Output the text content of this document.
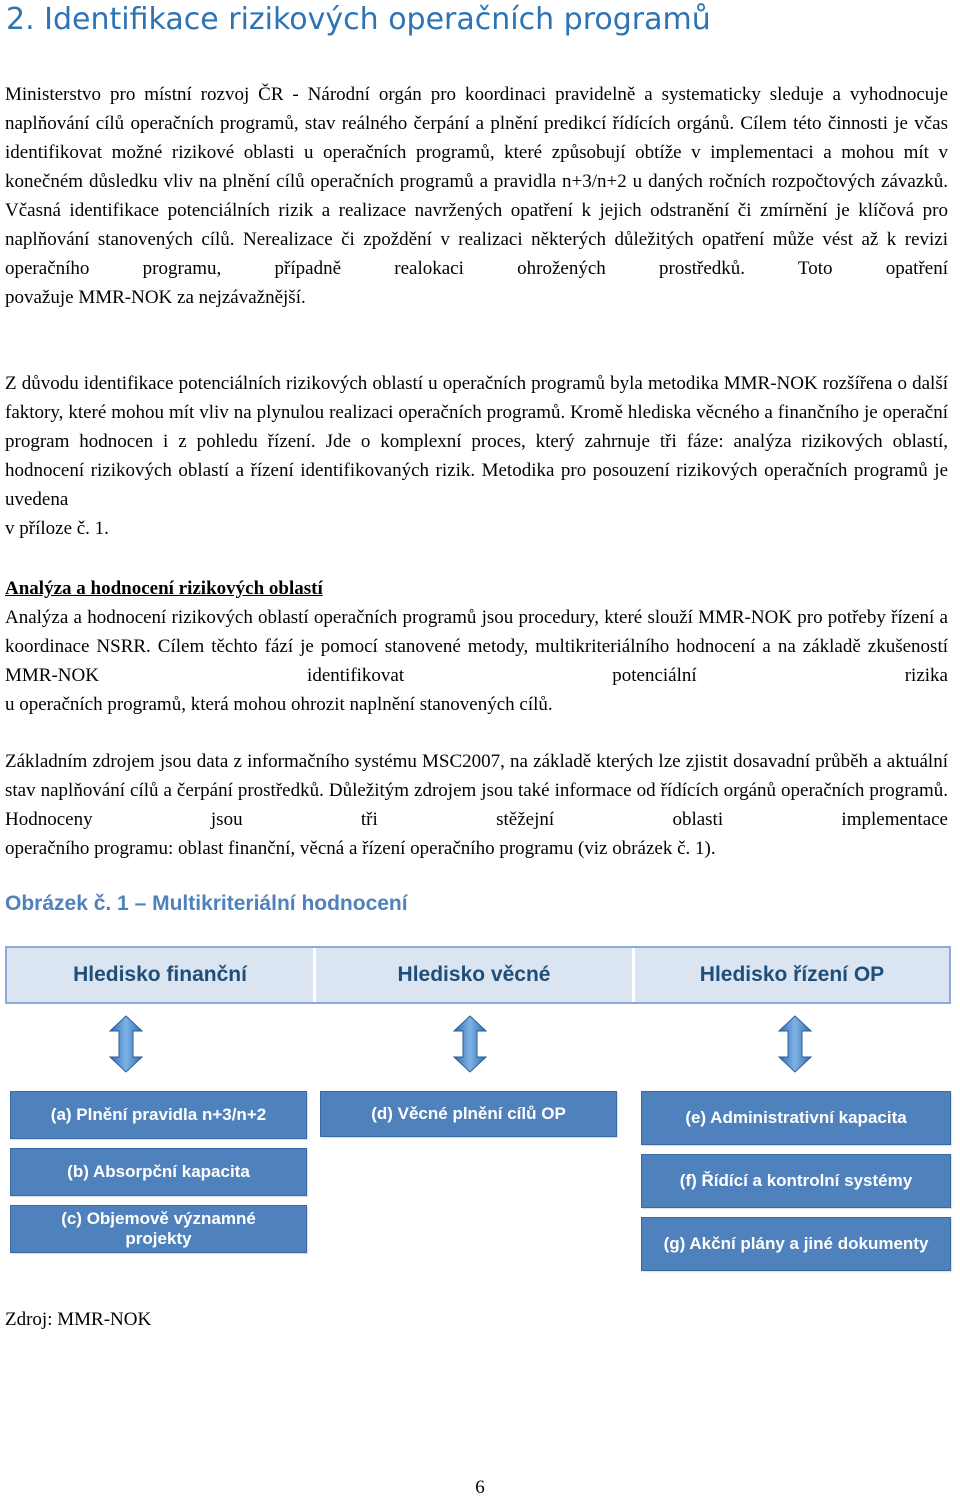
2. Identifikace rizikových operačních programů

Ministerstvo pro místní rozvoj ČR - Národní orgán pro koordinaci pravidelně a systematicky sleduje a vyhodnocuje naplňování cílů operačních programů, stav reálného čerpání a plnění predikcí řídících orgánů. Cílem této činnosti je včas identifikovat možné rizikové oblasti u operačních programů, které způsobují obtíže v implementaci a mohou mít v konečném důsledku vliv na plnění cílů operačních programů a pravidla n+3/n+2 u daných ročních rozpočtových závazků. Včasná identifikace potenciálních rizik a realizace navržených opatření k jejich odstranění či zmírnění je klíčová pro naplňování stanovených cílů. Nerealizace či zpoždění v realizaci některých důležitých opatření může vést až k revizi operačního programu, případně realokaci ohrožených prostředků. Toto opatření
považuje MMR-NOK za nejzávažnější.

Z důvodu identifikace potenciálních rizikových oblastí u operačních programů byla metodika MMR-NOK rozšířena o další faktory, které mohou mít vliv na plynulou realizaci operačních programů. Kromě hlediska věcného a finančního je operační program hodnocen i z pohledu řízení. Jde o komplexní proces, který zahrnuje tři fáze: analýza rizikových oblastí, hodnocení rizikových oblastí a řízení identifikovaných rizik. Metodika pro posouzení rizikových operačních programů je uvedena
v příloze č. 1.

Analýza a hodnocení rizikových oblastí

Analýza a hodnocení rizikových oblastí operačních programů jsou procedury, které slouží MMR-NOK pro potřeby řízení a koordinace NSRR. Cílem těchto fází je pomocí stanovené metody, multikriteriálního hodnocení a na základě zkušeností MMR-NOK identifikovat potenciální rizika
u operačních programů, která mohou ohrozit naplnění stanovených cílů.

Základním zdrojem jsou data z informačního systému MSC2007, na základě kterých lze zjistit dosavadní průběh a aktuální stav naplňování cílů a čerpání prostředků. Důležitým zdrojem jsou také informace od řídících orgánů operačních programů. Hodnoceny jsou tři stěžejní oblasti implementace
operačního programu: oblast finanční, věcná a řízení operačního programu (viz obrázek č. 1).

Obrázek č. 1 – Multikriteriální hodnocení

Hledisko finanční	Hledisko věcné	Hledisko řízení OP
(a) Plnění pravidla n+3/n+2
(b) Absorpční kapacita
(c) Objemově významné
projekty
(d) Věcné plnění cílů OP	(e) Administrativní kapacita
(f) Řídící a kontrolní systémy
(g) Akční plány a jiné dokumenty

Zdroj: MMR-NOK

6
